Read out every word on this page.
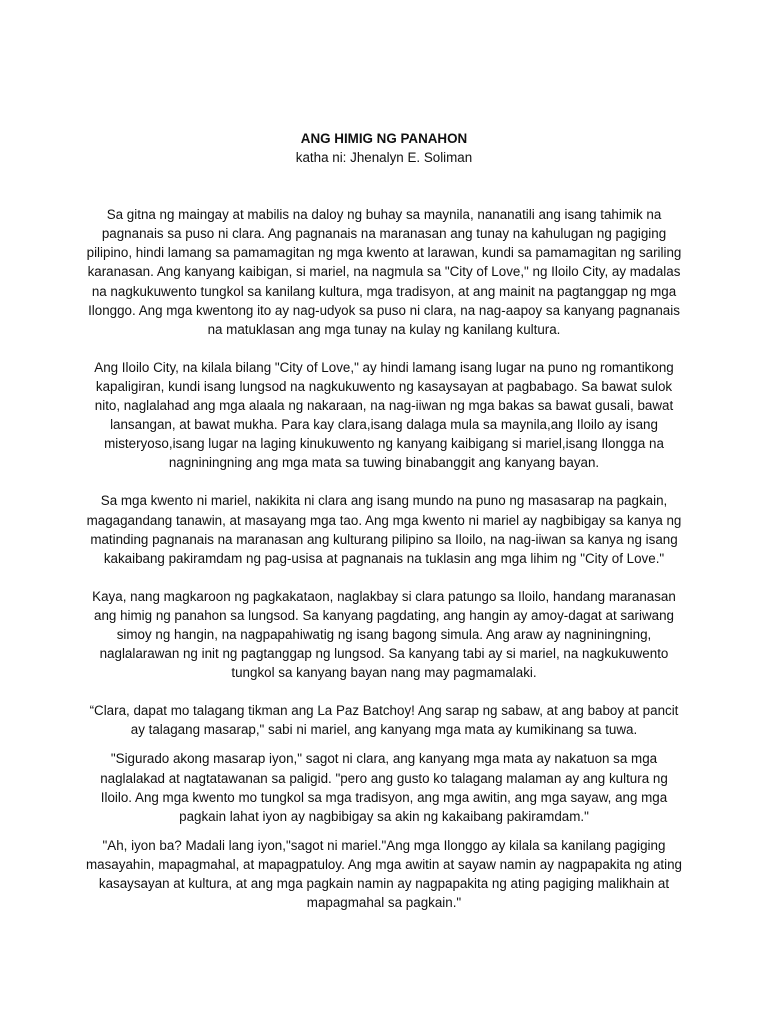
ANG HIMIG NG PANAHON

katha ni: Jhenalyn E. Soliman

Sa gitna ng maingay at mabilis na daloy ng buhay sa maynila, nananatili ang isang tahimik na pagnanais sa puso ni clara. Ang pagnanais na maranasan ang tunay na kahulugan ng pagiging pilipino, hindi lamang sa pamamagitan ng mga kwento at larawan, kundi sa pamamagitan ng sariling karanasan. Ang kanyang kaibigan, si mariel, na nagmula sa "City of Love," ng Iloilo City, ay madalas na nagkukuwento tungkol sa kanilang kultura, mga tradisyon, at ang mainit na pagtanggap ng mga Ilonggo. Ang mga kwentong ito ay nag-udyok sa puso ni clara, na nag-aapoy sa kanyang pagnanais na matuklasan ang mga tunay na kulay ng kanilang kultura.

Ang Iloilo City, na kilala bilang "City of Love," ay hindi lamang isang lugar na puno ng romantikong kapaligiran, kundi isang lungsod na nagkukuwento ng kasaysayan at pagbabago. Sa bawat sulok nito, naglalahad ang mga alaala ng nakaraan, na nag-iiwan ng mga bakas sa bawat gusali, bawat lansangan, at bawat mukha. Para kay clara,isang dalaga mula sa maynila,ang Iloilo ay isang misteryoso,isang lugar na laging kinukuwento ng kanyang kaibigang si mariel,isang Ilongga na nagniningning ang mga mata sa tuwing binabanggit ang kanyang bayan.

Sa mga kwento ni mariel, nakikita ni clara ang isang mundo na puno ng masasarap na pagkain, magagandang tanawin, at masayang mga tao. Ang mga kwento ni mariel ay nagbibigay sa kanya ng matinding pagnanais na maranasan ang kulturang pilipino sa Iloilo, na nag-iiwan sa kanya ng isang kakaibang pakiramdam ng pag-usisa at pagnanais na tuklasin ang mga lihim ng "City of Love."

Kaya, nang magkaroon ng pagkakataon, naglakbay si clara patungo sa Iloilo, handang maranasan ang himig ng panahon sa lungsod. Sa kanyang pagdating, ang hangin ay amoy-dagat at sariwang simoy ng hangin, na nagpapahiwatig ng isang bagong simula. Ang araw ay nagniningning, naglalarawan ng init ng pagtanggap ng lungsod. Sa kanyang tabi ay si mariel, na nagkukuwento tungkol sa kanyang bayan nang may pagmamalaki.

“Clara, dapat mo talagang tikman ang La Paz Batchoy! Ang sarap ng sabaw, at ang baboy at pancit ay talagang masarap," sabi ni mariel, ang kanyang mga mata ay kumikinang sa tuwa.

"Sigurado akong masarap iyon," sagot ni clara, ang kanyang mga mata ay nakatuon sa mga naglalakad at nagtatawanan sa paligid. "pero ang gusto ko talagang malaman ay ang kultura ng Iloilo. Ang mga kwento mo tungkol sa mga tradisyon, ang mga awitin, ang mga sayaw, ang mga pagkain lahat iyon ay nagbibigay sa akin ng kakaibang pakiramdam."

"Ah, iyon ba? Madali lang iyon,"sagot ni mariel."Ang mga Ilonggo ay kilala sa kanilang pagiging masayahin, mapagmahal, at mapagpatuloy. Ang mga awitin at sayaw namin ay nagpapakita ng ating kasaysayan at kultura, at ang mga pagkain namin ay nagpapakita ng ating pagiging malikhain at mapagmahal sa pagkain."
